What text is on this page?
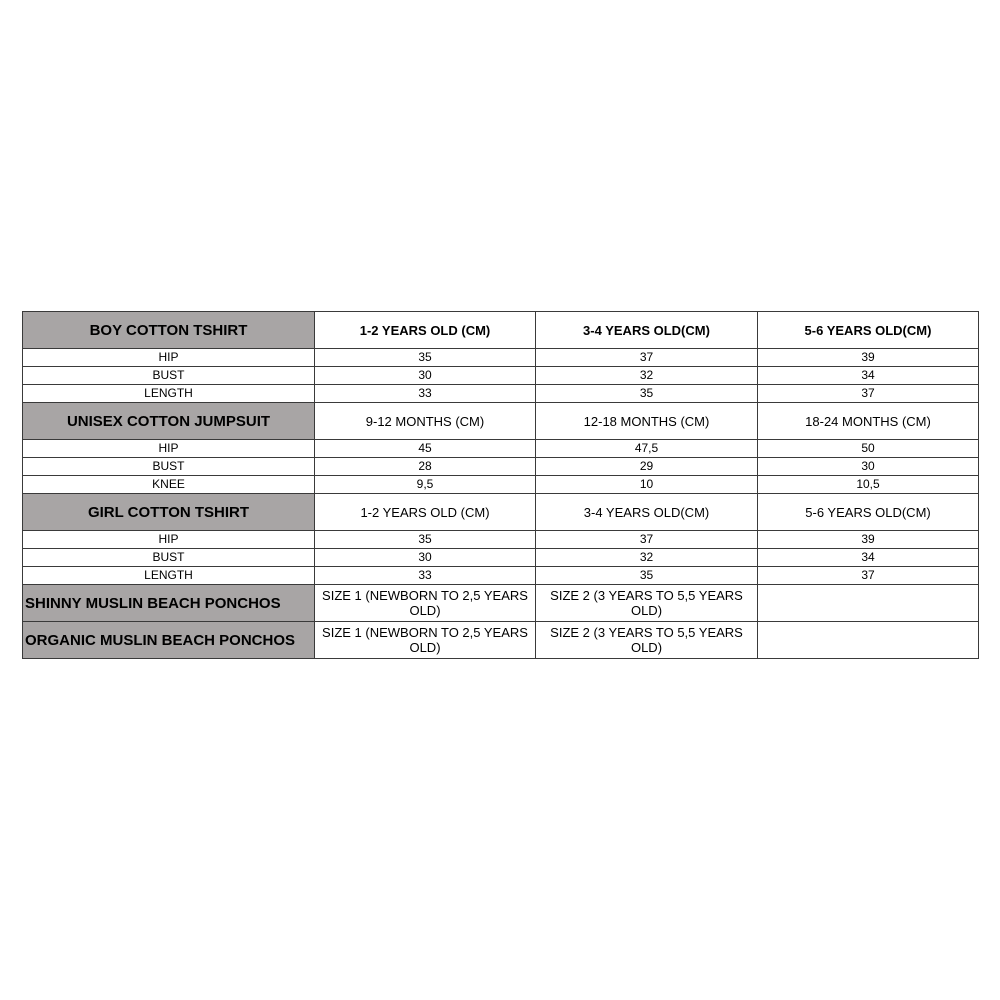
BOY COTTON TSHIRT	1-2 YEARS OLD (CM)	3-4 YEARS OLD(CM)	5-6 YEARS OLD(CM)
HIP	35	37	39
BUST	30	32	34
LENGTH	33	35	37
UNISEX COTTON JUMPSUIT	9-12 MONTHS (CM)	12-18 MONTHS (CM)	18-24 MONTHS (CM)
HIP	45	47,5	50
BUST	28	29	30
KNEE	9,5	10	10,5
GIRL COTTON TSHIRT	1-2 YEARS OLD (CM)	3-4 YEARS OLD(CM)	5-6 YEARS OLD(CM)
HIP	35	37	39
BUST	30	32	34
LENGTH	33	35	37
SHINNY MUSLIN BEACH PONCHOS	SIZE 1 (NEWBORN TO 2,5 YEARS OLD)	SIZE 2 (3 YEARS TO 5,5 YEARS OLD)	
ORGANIC MUSLIN BEACH PONCHOS	SIZE 1 (NEWBORN TO 2,5 YEARS OLD)	SIZE 2 (3 YEARS TO 5,5 YEARS OLD)	
